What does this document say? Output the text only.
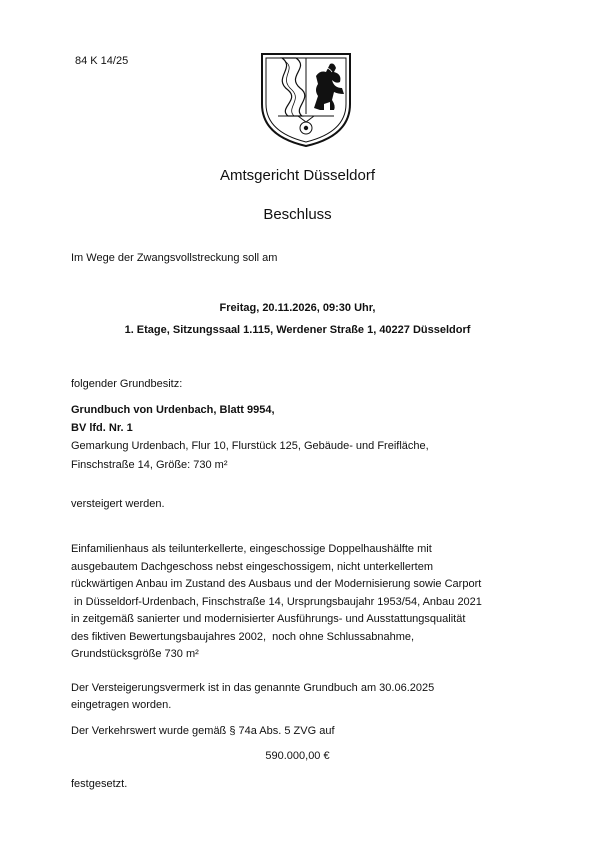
84 K 14/25
Amtsgericht Düsseldorf
Beschluss
Im Wege der Zwangsvollstreckung soll am
Freitag, 20.11.2026, 09:30 Uhr,
1. Etage, Sitzungssaal 1.115, Werdener Straße 1, 40227 Düsseldorf
folgender Grundbesitz:
Grundbuch von Urdenbach, Blatt 9954,
BV lfd. Nr. 1
Gemarkung Urdenbach, Flur 10, Flurstück 125, Gebäude- und Freifläche,
Finschstraße 14, Größe: 730 m²
versteigert werden.
Einfamilienhaus als teilunterkellerte, eingeschossige Doppelhaushälfte mit
ausgebautem Dachgeschoss nebst eingeschossigem, nicht unterkellertem
rückwärtigen Anbau im Zustand des Ausbaus und der Modernisierung sowie Carport
in Düsseldorf-Urdenbach, Finschstraße 14, Ursprungsbaujahr 1953/54, Anbau 2021
in zeitgemäß sanierter und modernisierter Ausführungs- und Ausstattungsqualität
des fiktiven Bewertungsbaujahres 2002,  noch ohne Schlussabnahme,
Grundstücksgröße 730 m²
Der Versteigerungsvermerk ist in das genannte Grundbuch am 30.06.2025
eingetragen worden.
Der Verkehrswert wurde gemäß § 74a Abs. 5 ZVG auf
590.000,00 €
festgesetzt.
